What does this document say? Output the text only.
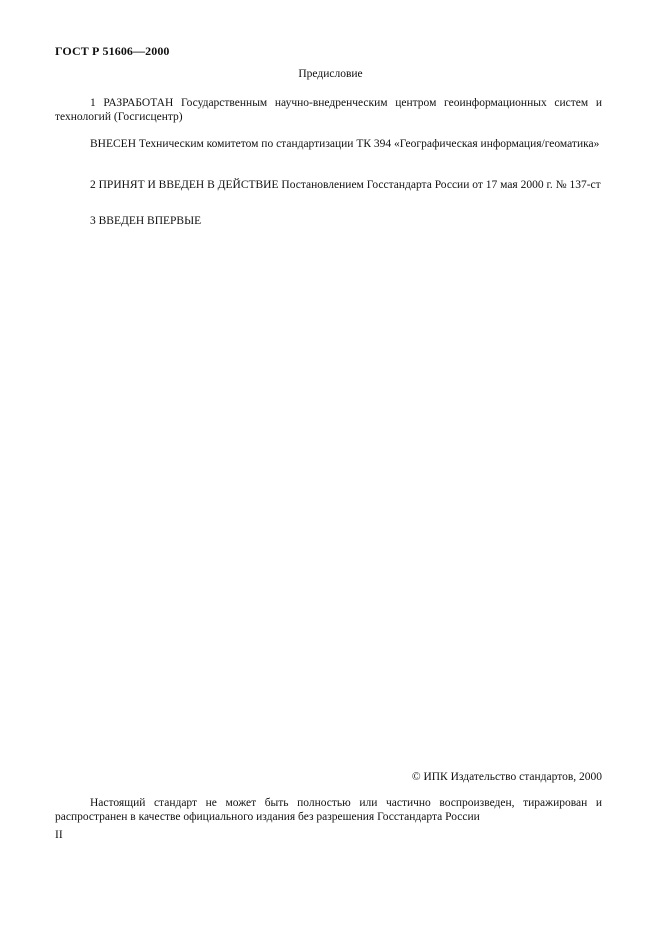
ГОСТ Р 51606—2000
Предисловие
1 РАЗРАБОТАН Государственным научно-внедренческим центром геоинформационных систем и технологий (Госгисцентр)
ВНЕСЕН Техническим комитетом по стандартизации ТК 394 «Географическая информация/геоматика»
2 ПРИНЯТ И ВВЕДЕН В ДЕЙСТВИЕ Постановлением Госстандарта России от 17 мая 2000 г. № 137-ст
3 ВВЕДЕН ВПЕРВЫЕ
© ИПК Издательство стандартов, 2000
Настоящий стандарт не может быть полностью или частично воспроизведен, тиражирован и распространен в качестве официального издания без разрешения Госстандарта России
II
